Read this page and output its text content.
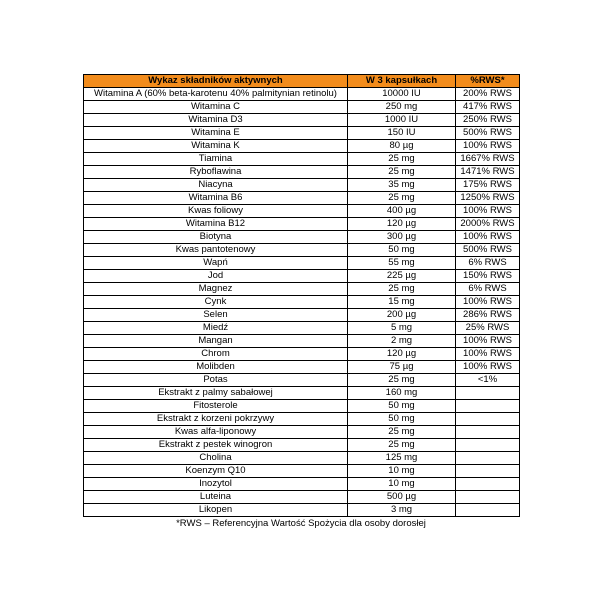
Wykaz składników aktywnych	W 3 kapsułkach	%RWS*
Witamina A (60% beta-karotenu 40% palmitynian retinolu)	10000 IU	200% RWS
Witamina C	250 mg	417% RWS
Witamina D3	1000 IU	250% RWS
Witamina E	150 IU	500% RWS
Witamina K	80 µg	100% RWS
Tiamina	25 mg	1667% RWS
Ryboflawina	25 mg	1471% RWS
Niacyna	35 mg	175% RWS
Witamina B6	25 mg	1250% RWS
Kwas foliowy	400 µg	100% RWS
Witamina B12	120 µg	2000% RWS
Biotyna	300 µg	100% RWS
Kwas pantotenowy	50 mg	500% RWS
Wapń	55 mg	6% RWS
Jod	225 µg	150% RWS
Magnez	25 mg	6% RWS
Cynk	15 mg	100% RWS
Selen	200 µg	286% RWS
Miedź	5 mg	25% RWS
Mangan	2 mg	100% RWS
Chrom	120 µg	100% RWS
Molibden	75 µg	100% RWS
Potas	25 mg	<1%
Ekstrakt z palmy sabałowej	160 mg	
Fitosterole	50 mg	
Ekstrakt z korzeni pokrzywy	50 mg	
Kwas alfa-liponowy	25 mg	
Ekstrakt z pestek winogron	25 mg	
Cholina	125 mg	
Koenzym Q10	10 mg	
Inozytol	10 mg	
Luteina	500 µg	
Likopen	3 mg	
*RWS – Referencyjna Wartość Spożycia dla osoby dorosłej
